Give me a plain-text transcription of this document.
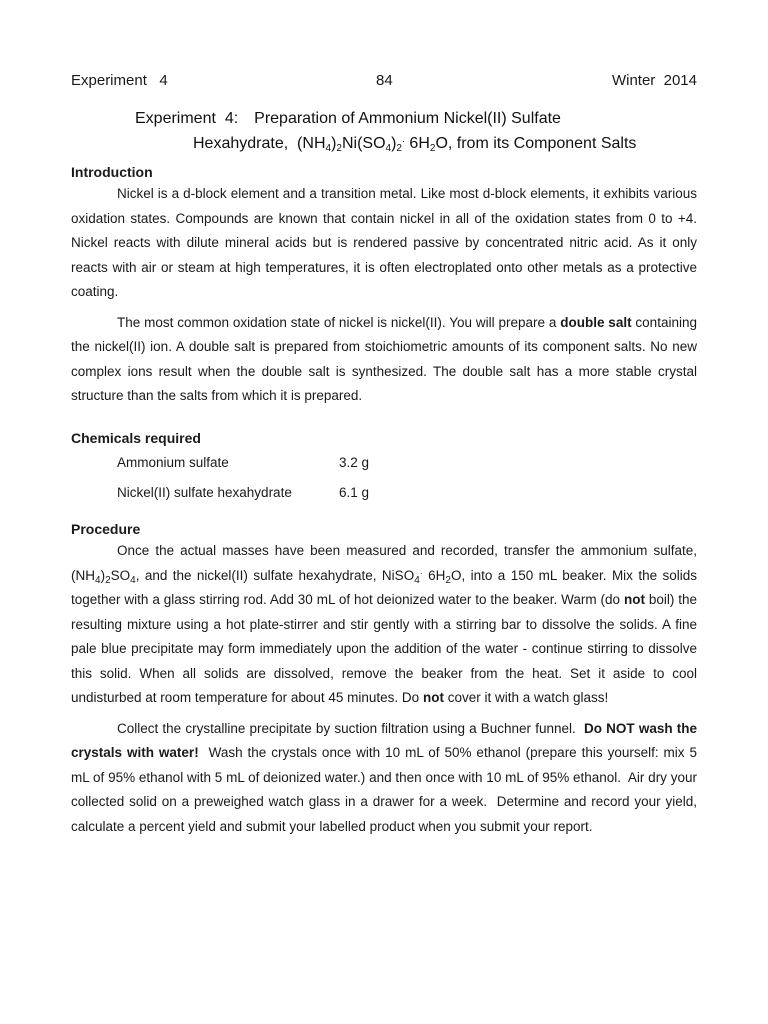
Experiment   4	84	Winter  2014
Experiment  4: Preparation of Ammonium Nickel(II) Sulfate
Hexahydrate,  $(NH_4)_2Ni(SO_4)_2^\cdot$ $6H_2O$, from its Component Salts

Introduction

Nickel is a d-block element and a transition metal. Like most d-block elements, it exhibits various oxidation states. Compounds are known that contain nickel in all of the oxidation states from 0 to +4. Nickel reacts with dilute mineral acids but is rendered passive by concentrated nitric acid. As it only reacts with air or steam at high temperatures, it is often electroplated onto other metals as a protective coating.

The most common oxidation state of nickel is nickel(II). You will prepare a double salt containing the nickel(II) ion. A double salt is prepared from stoichiometric amounts of its component salts. No new complex ions result when the double salt is synthesized. The double salt has a more stable crystal structure than the salts from which it is prepared.

Chemicals required

Ammonium sulfate	3.2 g
Nickel(II) sulfate hexahydrate	6.1 g

Procedure

Once the actual masses have been measured and recorded, transfer the ammonium sulfate, $(NH_4)_2SO_4$, and the nickel(II) sulfate hexahydrate, NiSO$_4$· $6H_2O$, into a 150 mL beaker. Mix the solids together with a glass stirring rod. Add 30 mL of hot deionized water to the beaker. Warm (do not boil) the resulting mixture using a hot plate-stirrer and stir gently with a stirring bar to dissolve the solids. A fine pale blue precipitate may form immediately upon the addition of the water - continue stirring to dissolve this solid. When all solids are dissolved, remove the beaker from the heat. Set it aside to cool undisturbed at room temperature for about 45 minutes. Do not cover it with a watch glass!

Collect the crystalline precipitate by suction filtration using a Buchner funnel.  Do NOT wash the crystals with water!  Wash the crystals once with 10 mL of 50% ethanol (prepare this yourself: mix 5 mL of 95% ethanol with 5 mL of deionized water.) and then once with 10 mL of 95% ethanol.  Air dry your collected solid on a preweighed watch glass in a drawer for a week.  Determine and record your yield, calculate a percent yield and submit your labelled product when you submit your report.
